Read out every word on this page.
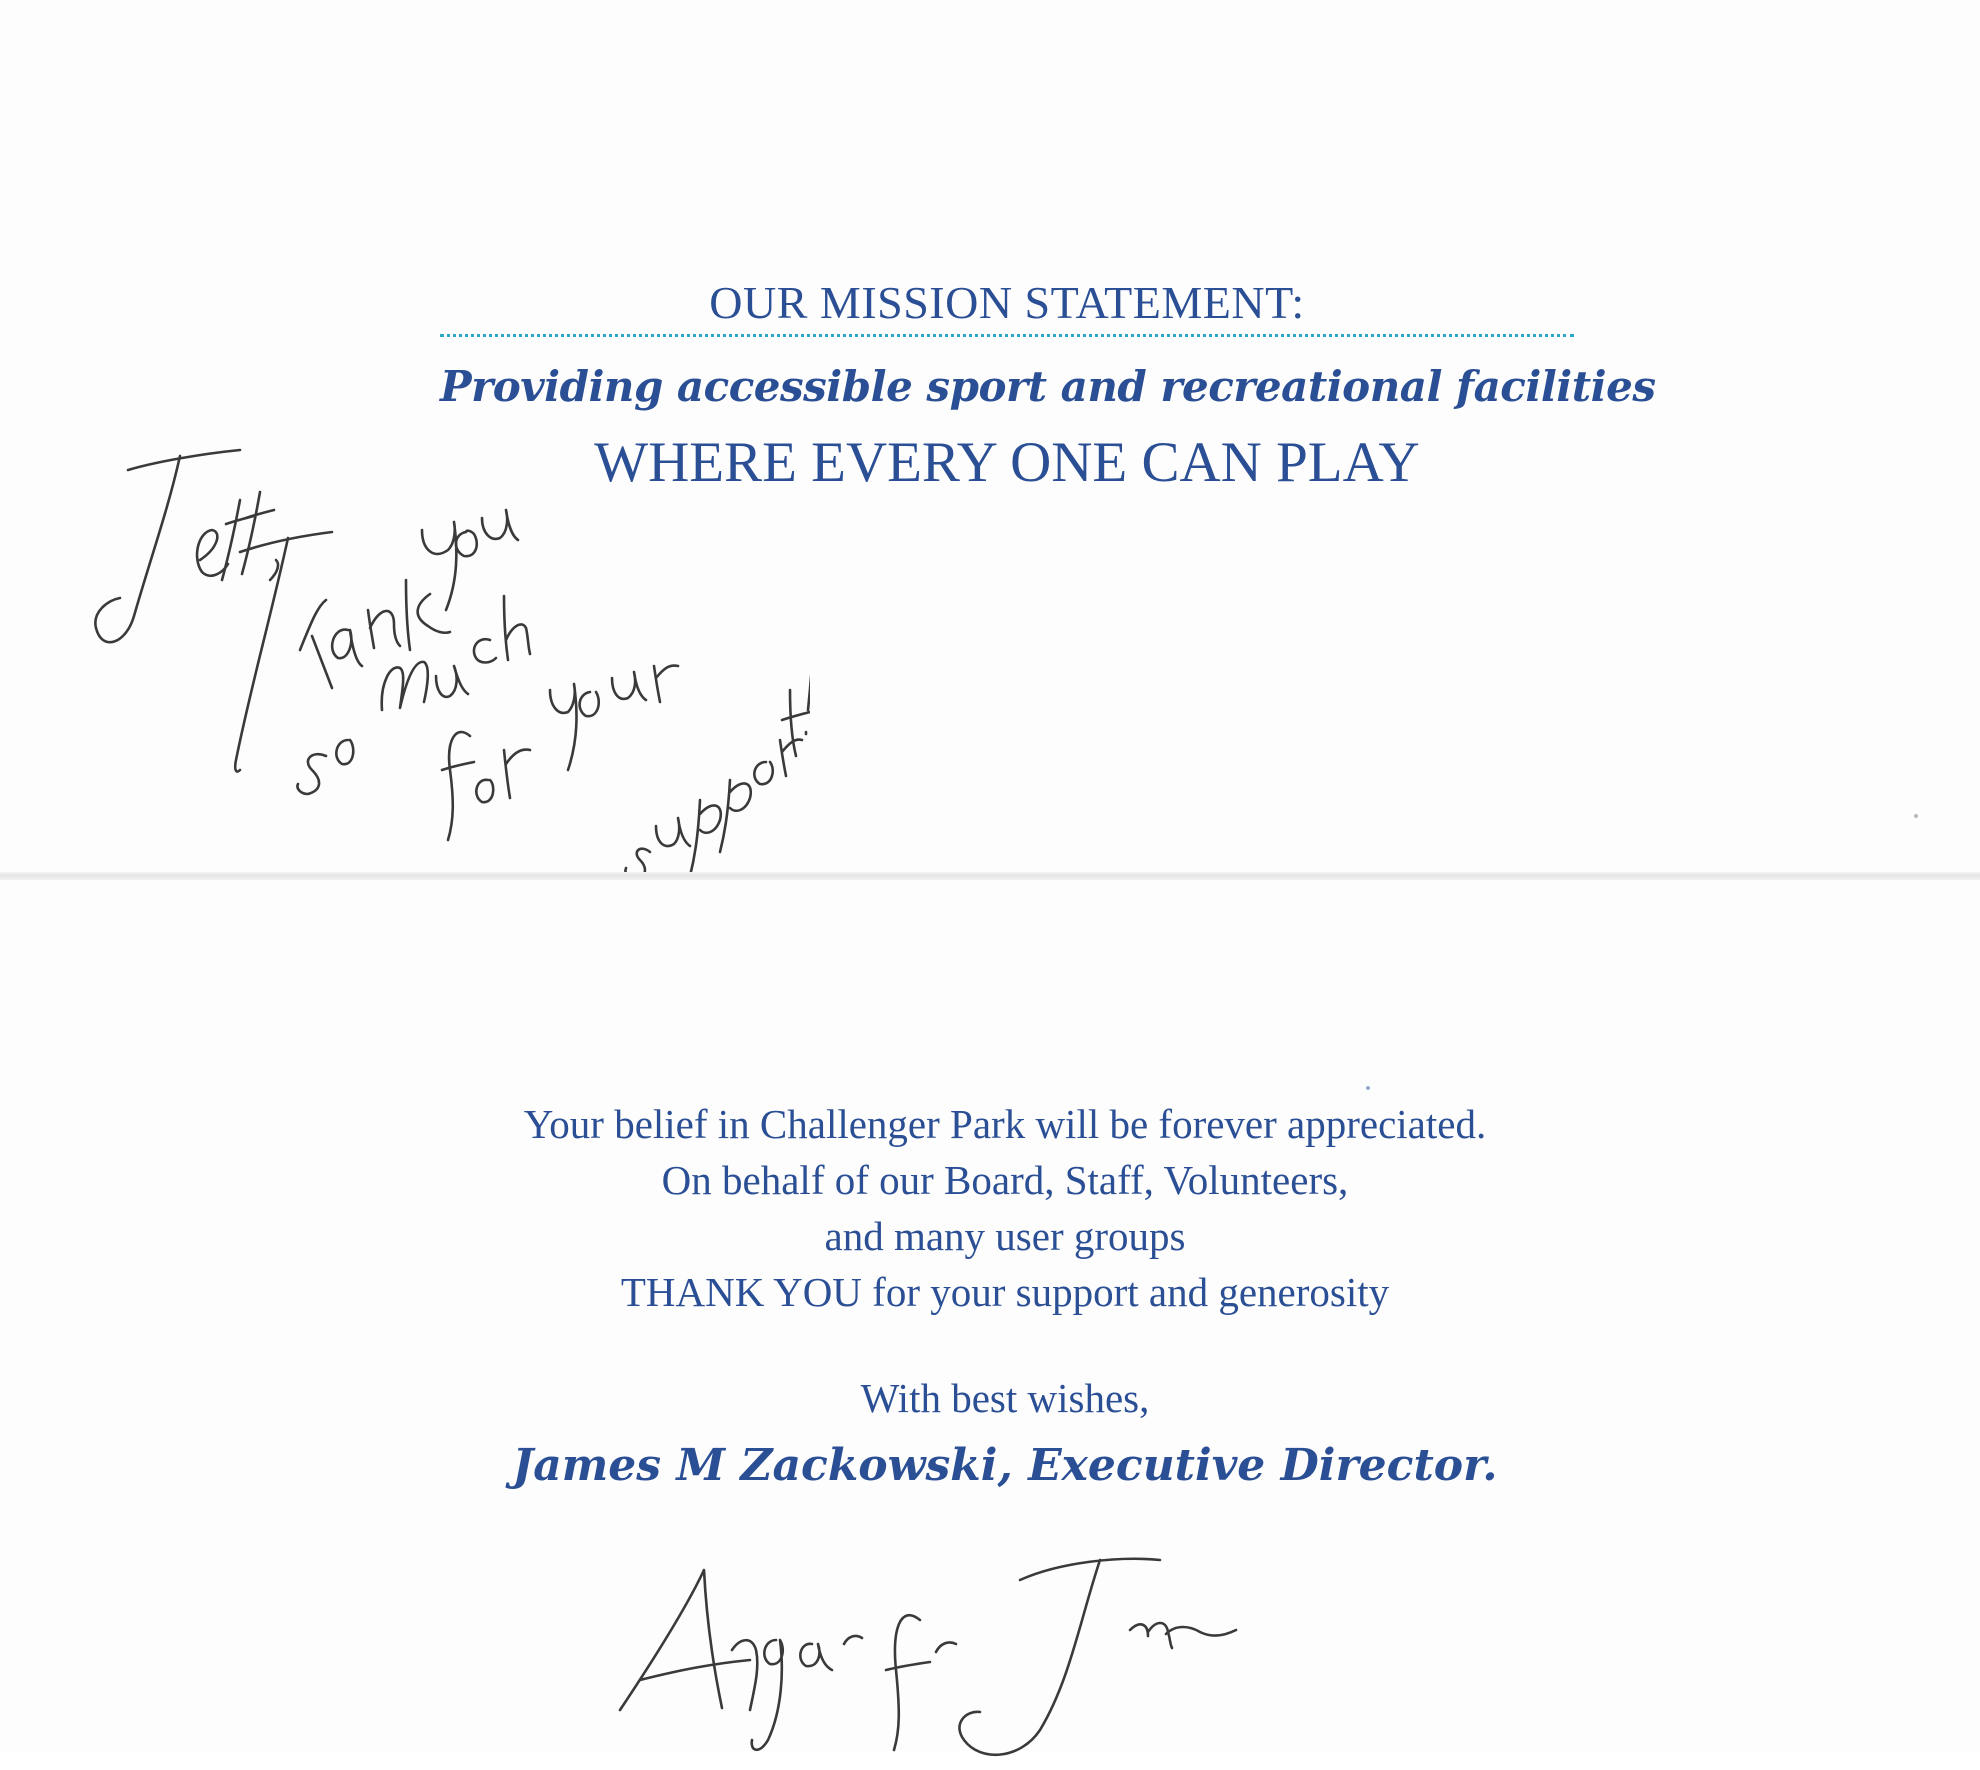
OUR MISSION STATEMENT:
Providing accessible sport and recreational facilities
WHERE EVERY ONE CAN PLAY
Your belief in Challenger Park will be forever appreciated.
On behalf of our Board, Staff, Volunteers,
and many user groups
THANK YOU for your support and generosity
With best wishes,
James M Zackowski, Executive Director.
